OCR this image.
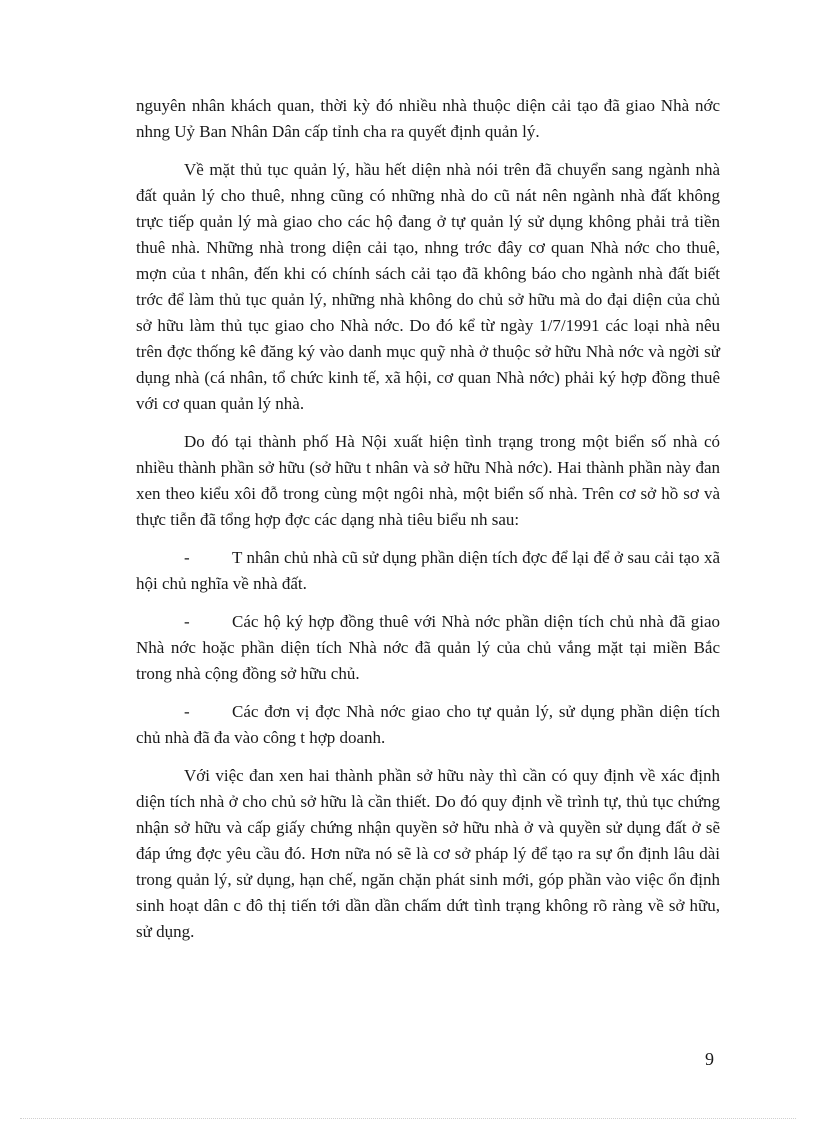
nguyên nhân khách quan, thời kỳ đó nhiều nhà thuộc diện cải tạo đã giao Nhà nớc nhng Uỷ Ban Nhân Dân cấp tỉnh cha ra quyết định quản lý.

Về mặt thủ tục quản lý, hầu hết diện nhà nói trên đã chuyển sang ngành nhà đất quản lý cho thuê, nhng cũng có những nhà do cũ nát nên ngành nhà đất không trực tiếp quản lý mà giao cho các hộ đang ở tự quản lý sử dụng không phải trả tiền thuê nhà. Những nhà trong diện cải tạo, nhng trớc đây cơ quan Nhà nớc cho thuê, mợn của t nhân, đến khi có chính sách cải tạo đã không báo cho ngành nhà đất biết trớc để làm thủ tục quản lý, những nhà không do chủ sở hữu mà do đại diện của chủ sở hữu làm thủ tục giao cho Nhà nớc. Do đó kể từ ngày 1/7/1991 các loại nhà nêu trên đợc thống kê đăng ký vào danh mục quỹ nhà ở thuộc sở hữu Nhà nớc và ngời sử dụng nhà (cá nhân, tổ chức kinh tế, xã hội, cơ quan Nhà nớc) phải ký hợp đồng thuê với cơ quan quản lý nhà.

Do đó tại thành phố Hà Nội xuất hiện tình trạng trong một biển số nhà có nhiều thành phần sở hữu (sở hữu t nhân và sở hữu Nhà nớc). Hai thành phần này đan xen theo kiểu xôi đỗ trong cùng một ngôi nhà, một biển số nhà. Trên cơ sở hồ sơ và thực tiễn đã tổng hợp đợc các dạng nhà tiêu biểu nh sau:

- T nhân chủ nhà cũ sử dụng phần diện tích đợc để lại để ở sau cải tạo xã hội chủ nghĩa về nhà đất.

- Các hộ ký hợp đồng thuê với Nhà nớc phần diện tích chủ nhà đã giao Nhà nớc hoặc phần diện tích Nhà nớc đã quản lý của chủ vắng mặt tại miền Bắc trong nhà cộng đồng sở hữu chủ.

- Các đơn vị đợc Nhà nớc giao cho tự quản lý, sử dụng phần diện tích chủ nhà đã đa vào công t hợp doanh.

Với việc đan xen hai thành phần sở hữu này thì cần có quy định về xác định diện tích nhà ở cho chủ sở hữu là cần thiết. Do đó quy định về trình tự, thủ tục chứng nhận sở hữu và cấp giấy chứng nhận quyền sở hữu nhà ở và quyền sử dụng đất ở sẽ đáp ứng đợc yêu cầu đó. Hơn nữa nó sẽ là cơ sở pháp lý để tạo ra sự ổn định lâu dài trong quản lý, sử dụng, hạn chế, ngăn chặn phát sinh mới, góp phần vào việc ổn định sinh hoạt dân c đô thị tiến tới dần dần chấm dứt tình trạng không rõ ràng về sở hữu, sử dụng.

9
